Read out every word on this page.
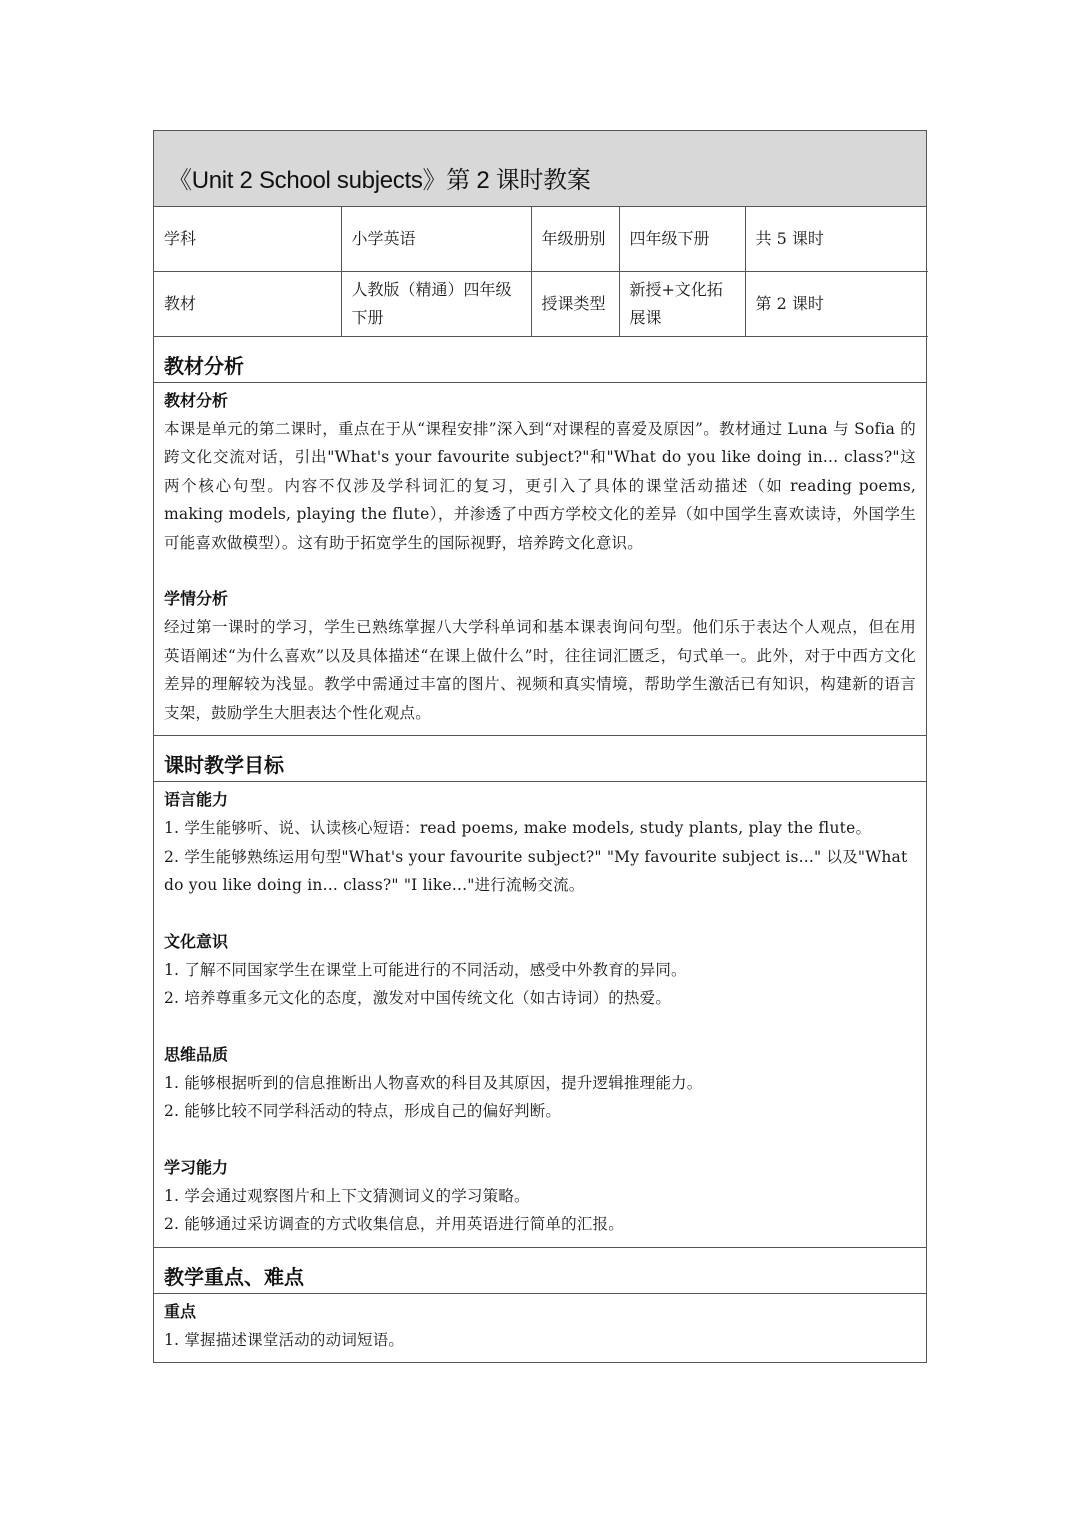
《Unit 2 School subjects》第 2 课时教案
学科	小学英语	年级册别	四年级下册	共 5 课时
教材	人教版（精通）四年级下册	授课类型	新授+文化拓展课	第 2 课时
教材分析
教材分析
本课是单元的第二课时，重点在于从“课程安排”深入到“对课程的喜爱及原因”。教材通过 Luna 与 Sofia 的跨文化交流对话，引出"What's your favourite subject?"和"What do you like doing in... class?"这两个核心句型。内容不仅涉及学科词汇的复习，更引入了具体的课堂活动描述（如 reading poems, making models, playing the flute），并渗透了中西方学校文化的差异（如中国学生喜欢读诗，外国学生可能喜欢做模型）。这有助于拓宽学生的国际视野，培养跨文化意识。
学情分析
经过第一课时的学习，学生已熟练掌握八大学科单词和基本课表询问句型。他们乐于表达个人观点，但在用英语阐述“为什么喜欢”以及具体描述“在课上做什么”时，往往词汇匮乏，句式单一。此外，对于中西方文化差异的理解较为浅显。教学中需通过丰富的图片、视频和真实情境，帮助学生激活已有知识，构建新的语言支架，鼓励学生大胆表达个性化观点。
课时教学目标
语言能力
1. 学生能够听、说、认读核心短语：read poems, make models, study plants, play the flute。
2. 学生能够熟练运用句型"What's your favourite subject?" "My favourite subject is..." 以及"What do you like doing in... class?" "I like..."进行流畅交流。
文化意识
1. 了解不同国家学生在课堂上可能进行的不同活动，感受中外教育的异同。
2. 培养尊重多元文化的态度，激发对中国传统文化（如古诗词）的热爱。
思维品质
1. 能够根据听到的信息推断出人物喜欢的科目及其原因，提升逻辑推理能力。
2. 能够比较不同学科活动的特点，形成自己的偏好判断。
学习能力
1. 学会通过观察图片和上下文猜测词义的学习策略。
2. 能够通过采访调查的方式收集信息，并用英语进行简单的汇报。
教学重点、难点
重点
1. 掌握描述课堂活动的动词短语。
